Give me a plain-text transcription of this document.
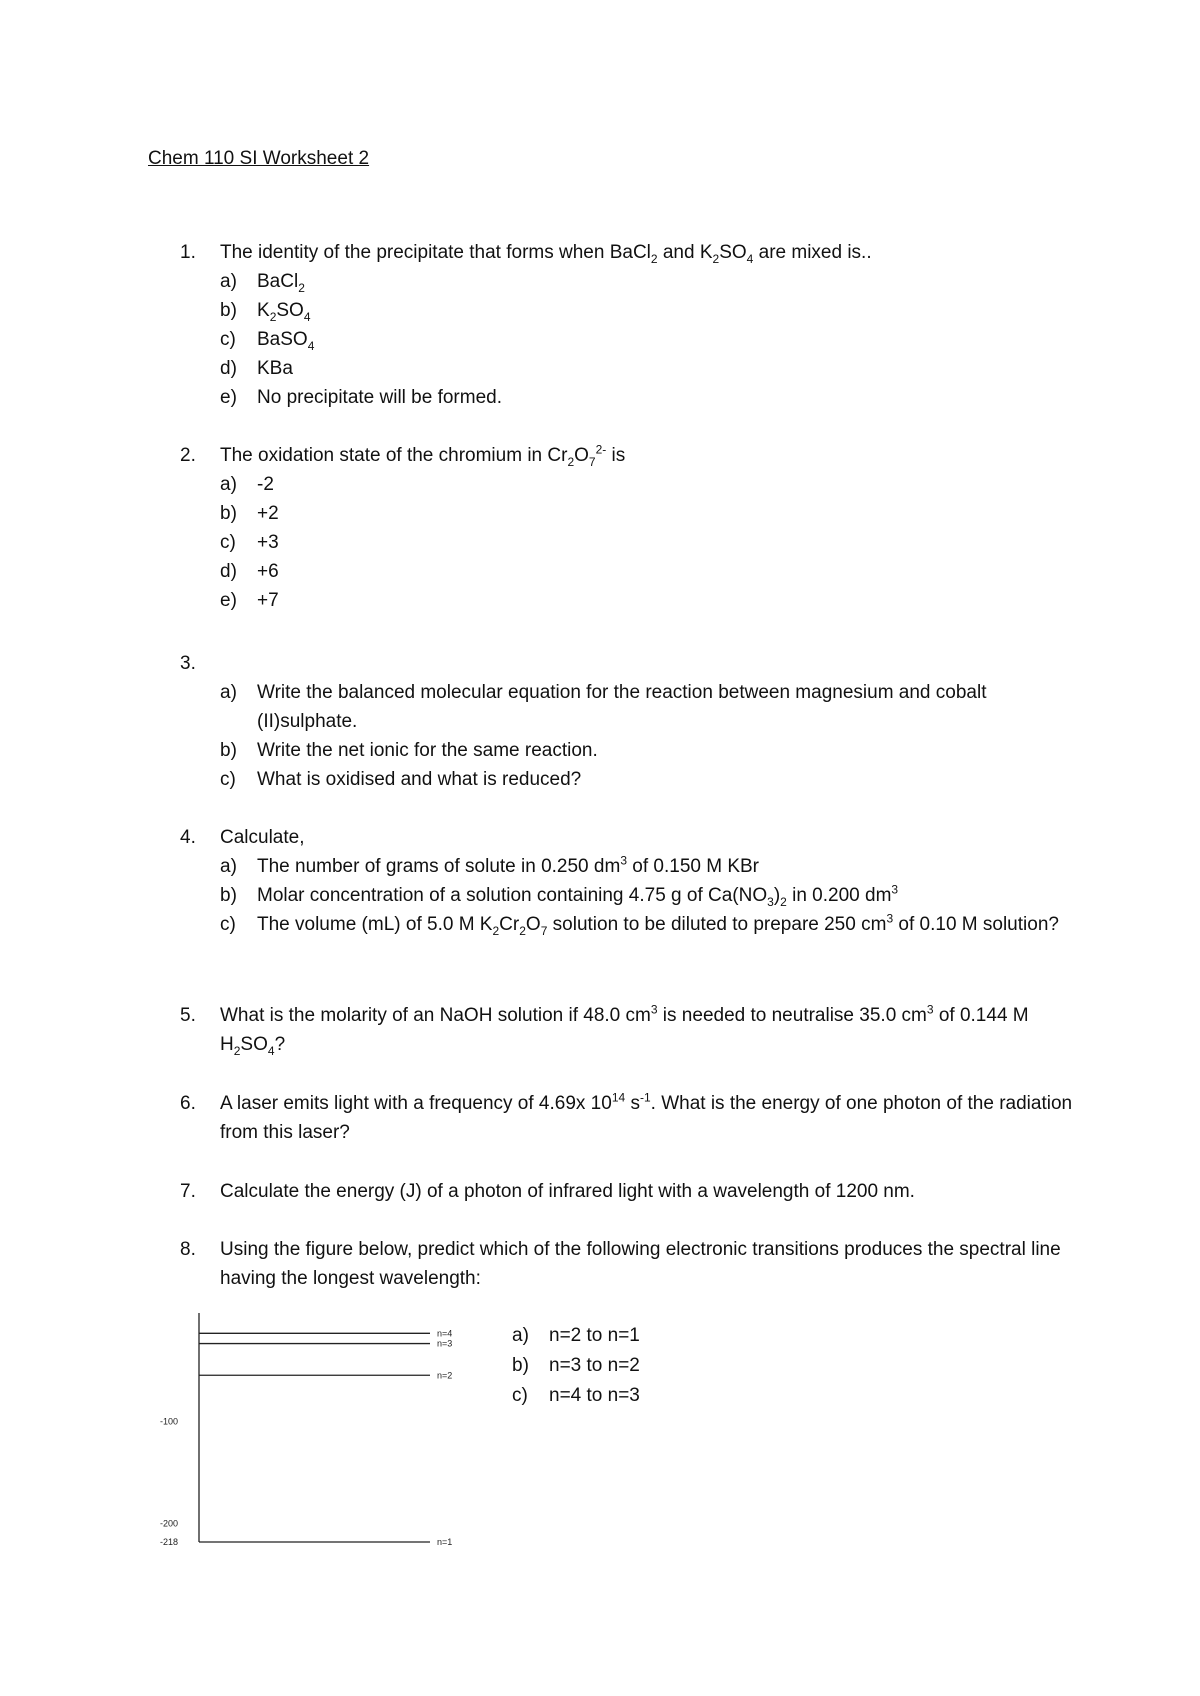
Chem 110 SI Worksheet 2
1.	The identity of the precipitate that forms when BaCl$_2$ and $K_2SO_4$ are mixed is..
a) BaCl$_2$
b) $K_2SO_4$
c) BaSO$_4$
d) KBa
e) No precipitate will be formed.
2.	The oxidation state of the chromium in $Cr_2O_7^{2-}$ is
a) -2
b) +2
c) +3
d) +6
e) +7
3.

a) Write the balanced molecular equation for the reaction between magnesium and cobalt (II)sulphate.
b) Write the net ionic for the same reaction.
c) What is oxidised and what is reduced?
4.	Calculate,
a) The number of grams of solute in 0.250 $dm^3$ of 0.150 M KBr
b) Molar concentration of a solution containing 4.75 g of $Ca(NO_3)_2$ in 0.200 $dm^3$
c) The volume (mL) of 5.0 M $K_2Cr_2O_7$ solution to be diluted to prepare 250 $cm^3$ of 0.10 M solution?
5.	What is the molarity of an NaOH solution if 48.0 $cm^3$ is needed to neutralise 35.0 $cm^3$ of 0.144 M $H_2SO_4$?
6.	A laser emits light with a frequency of 4.69x $10^{14}$ $s^{-1}$. What is the energy of one photon of the radiation from this laser?
7.	Calculate the energy (J) of a photon of infrared light with a wavelength of 1200 nm.
8.	Using the figure below, predict which of the following electronic transitions produces the spectral line having the longest wavelength:
n=4
n=3
n=2
n=1
-100
-200
-218
a) n=2 to n=1
b) n=3 to n=2
c) n=4 to n=3
